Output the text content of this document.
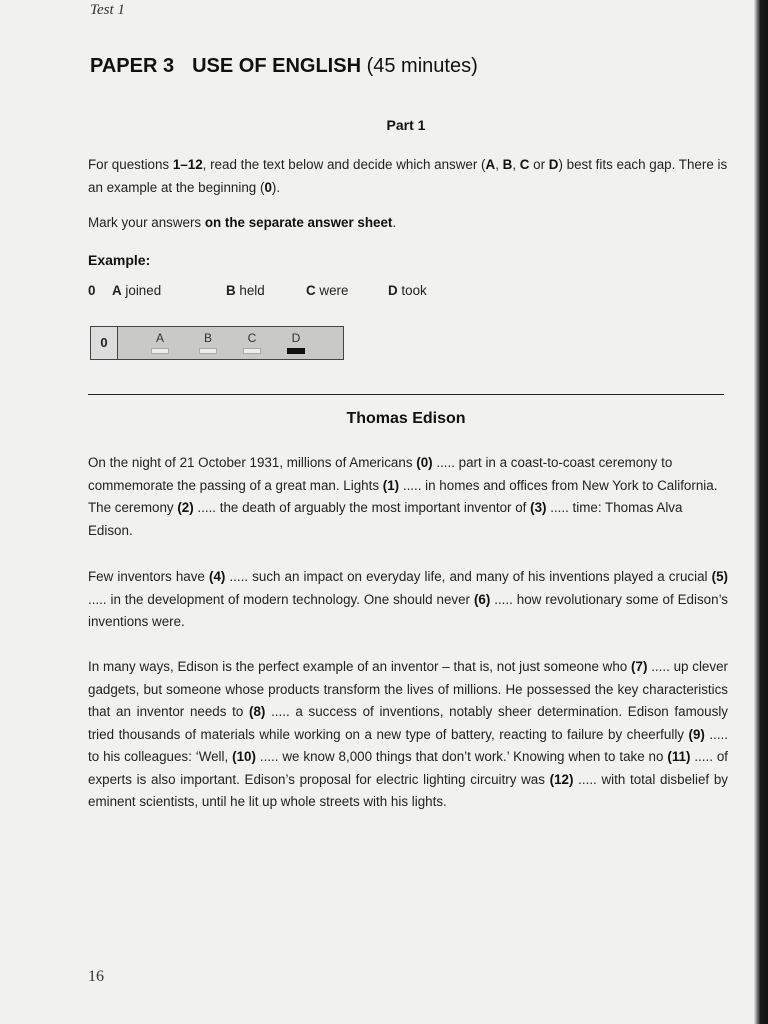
Test 1
PAPER 3 USE OF ENGLISH (45 minutes)
Part 1
For questions 1–12, read the text below and decide which answer (A, B, C or D) best fits each gap. There is an example at the beginning (0).
Mark your answers on the separate answer sheet.
Example:
0 A joined	B held	C were	D took
0	A	B	C	D
Thomas Edison
On the night of 21 October 1931, millions of Americans (0) ..... part in a coast-to-coast ceremony to commemorate the passing of a great man. Lights (1) ..... in homes and offices from New York to California. The ceremony (2) ..... the death of arguably the most important inventor of (3) ..... time: Thomas Alva Edison.
Few inventors have (4) ..... such an impact on everyday life, and many of his inventions played a crucial (5) ..... in the development of modern technology. One should never (6) ..... how revolutionary some of Edison’s inventions were.
In many ways, Edison is the perfect example of an inventor – that is, not just someone who (7) ..... up clever gadgets, but someone whose products transform the lives of millions. He possessed the key characteristics that an inventor needs to (8) ..... a success of inventions, notably sheer determination. Edison famously tried thousands of materials while working on a new type of battery, reacting to failure by cheerfully (9) ..... to his colleagues: ‘Well, (10) ..... we know 8,000 things that don’t work.’ Knowing when to take no (11) ..... of experts is also important. Edison’s proposal for electric lighting circuitry was (12) ..... with total disbelief by eminent scientists, until he lit up whole streets with his lights.
16
